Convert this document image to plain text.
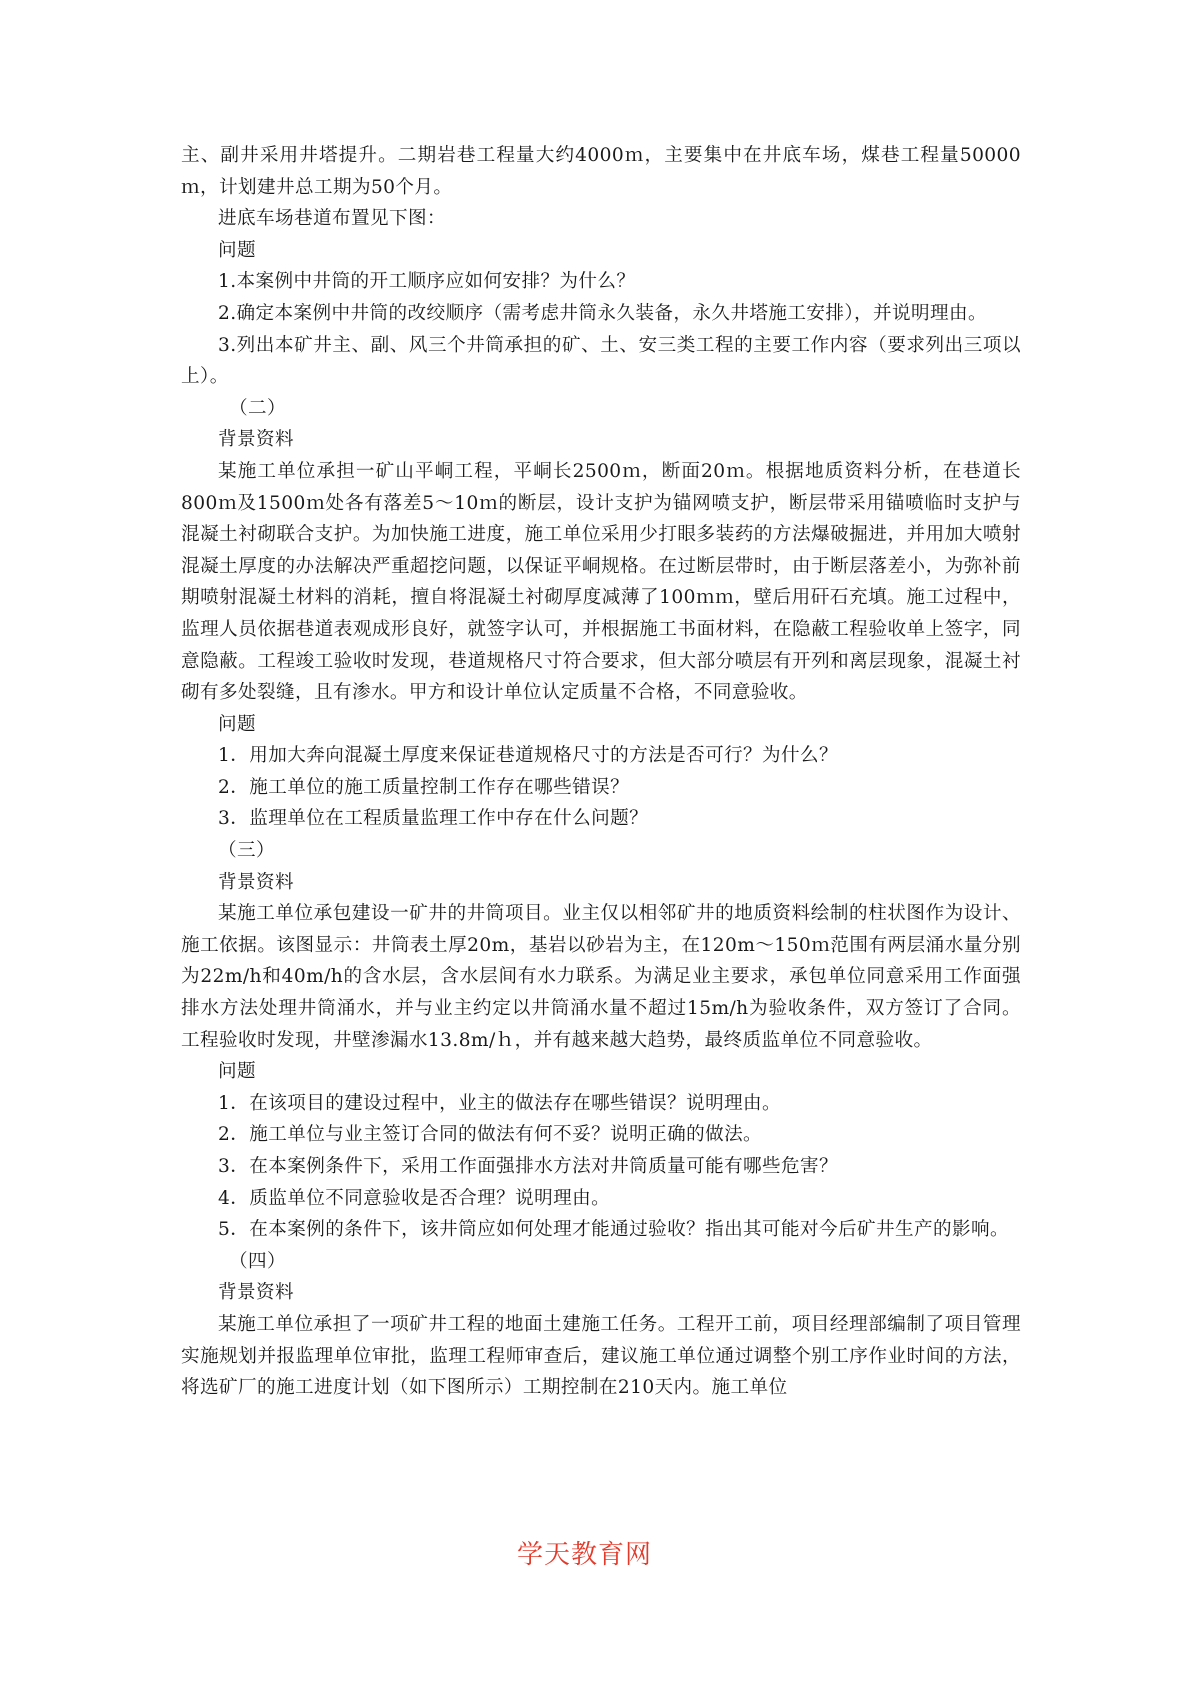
主、副井采用井塔提升。二期岩巷工程量大约4000ｍ，主要集中在井底车场，煤巷工程量50000ｍ，计划建井总工期为50个月。

进底车场巷道布置见下图：

问题

1.本案例中井筒的开工顺序应如何安排？为什么？

2.确定本案例中井筒的改绞顺序（需考虑井筒永久装备，永久井塔施工安排），并说明理由。

3.列出本矿井主、副、风三个井筒承担的矿、土、安三类工程的主要工作内容（要求列出三项以上）。

（二）

背景资料

某施工单位承担一矿山平峒工程，平峒长2500ｍ，断面20ｍ。根据地质资料分析，在巷道长800ｍ及1500ｍ处各有落差5～10ｍ的断层，设计支护为锚网喷支护，断层带采用锚喷临时支护与混凝土衬砌联合支护。为加快施工进度，施工单位采用少打眼多装药的方法爆破掘进，并用加大喷射混凝土厚度的办法解决严重超挖问题，以保证平峒规格。在过断层带时，由于断层落差小，为弥补前期喷射混凝土材料的消耗，擅自将混凝土衬砌厚度减薄了100ｍｍ，壁后用矸石充填。施工过程中，监理人员依据巷道表观成形良好，就签字认可，并根据施工书面材料，在隐蔽工程验收单上签字，同意隐蔽。工程竣工验收时发现，巷道规格尺寸符合要求，但大部分喷层有开列和离层现象，混凝土衬砌有多处裂缝，且有渗水。甲方和设计单位认定质量不合格，不同意验收。

问题

1．用加大奔向混凝土厚度来保证巷道规格尺寸的方法是否可行？为什么？

2．施工单位的施工质量控制工作存在哪些错误？

3．监理单位在工程质量监理工作中存在什么问题？

（三）

背景资料

某施工单位承包建设一矿井的井筒项目。业主仅以相邻矿井的地质资料绘制的柱状图作为设计、施工依据。该图显示：井筒表土厚20m，基岩以砂岩为主，在120m～150ｍ范围有两层涌水量分别为22m/h和40m/h的含水层，含水层间有水力联系。为满足业主要求，承包单位同意采用工作面强排水方法处理井筒涌水，并与业主约定以井筒涌水量不超过15m/h为验收条件，双方签订了合同。工程验收时发现，井壁渗漏水13.8m/ｈ，并有越来越大趋势，最终质监单位不同意验收。

问题

1．在该项目的建设过程中，业主的做法存在哪些错误？说明理由。

2．施工单位与业主签订合同的做法有何不妥？说明正确的做法。

3．在本案例条件下，采用工作面强排水方法对井筒质量可能有哪些危害？

4．质监单位不同意验收是否合理？说明理由。

5．在本案例的条件下，该井筒应如何处理才能通过验收？指出其可能对今后矿井生产的影响。

（四）

背景资料

某施工单位承担了一项矿井工程的地面土建施工任务。工程开工前，项目经理部编制了项目管理实施规划并报监理单位审批，监理工程师审查后，建议施工单位通过调整个别工序作业时间的方法，将选矿厂的施工进度计划（如下图所示）工期控制在210天内。施工单位

学天教育网
